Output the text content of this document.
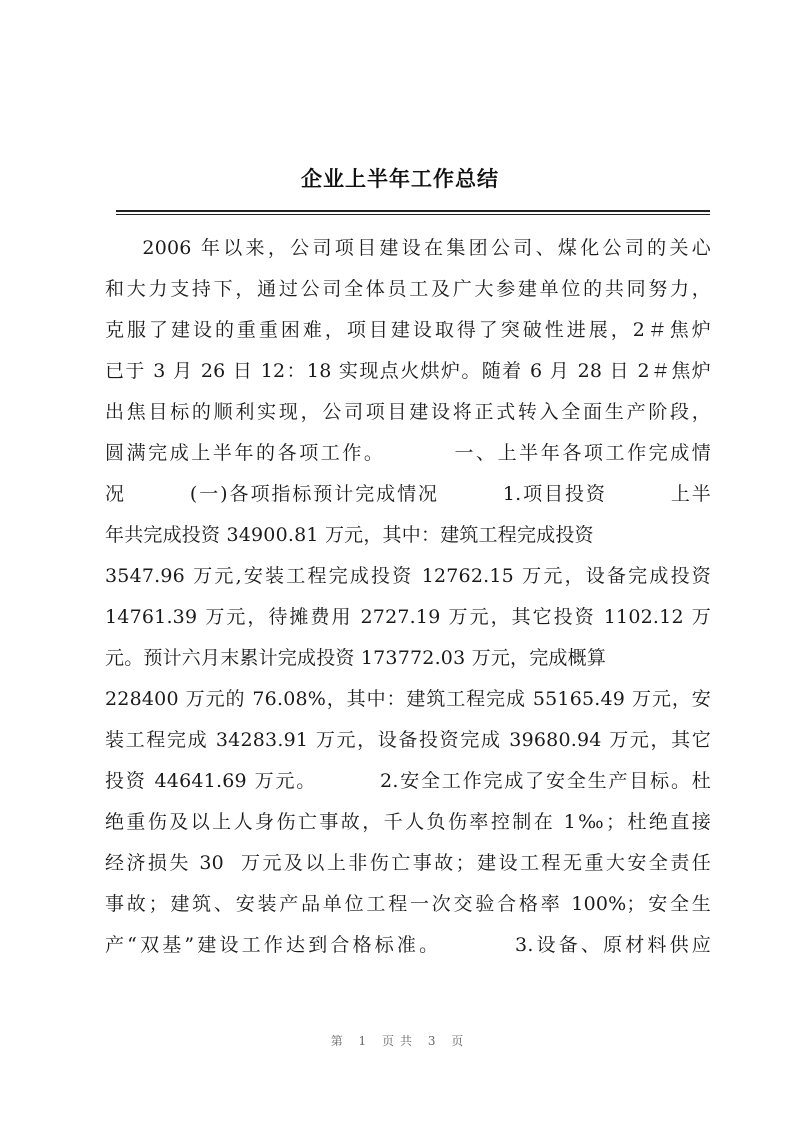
企业上半年工作总结
2006 年以来，公司项目建设在集团公司、煤化公司的关心
和大力支持下，通过公司全体员工及广大参建单位的共同努力，
克服了建设的重重困难，项目建设取得了突破性进展，2＃焦炉
已于 3 月 26 日 12：18 实现点火烘炉。随着 6 月 28 日 2＃焦炉
出焦目标的顺利实现，公司项目建设将正式转入全面生产阶段，
圆满完成上半年的各项工作。        一、上半年各项工作完成情
况        (一)各项指标预计完成情况        1.项目投资        上半
年共完成投资 34900.81 万元，其中：建筑工程完成投资
3547.96 万元,安装工程完成投资 12762.15 万元，设备完成投资
14761.39 万元，待摊费用 2727.19 万元，其它投资 1102.12 万
元。预计六月末累计完成投资 173772.03 万元，完成概算
228400 万元的 76.08%，其中：建筑工程完成 55165.49 万元，安
装工程完成 34283.91 万元，设备投资完成 39680.94 万元，其它
投资 44641.69 万元。        2.安全工作完成了安全生产目标。杜
绝重伤及以上人身伤亡事故，千人负伤率控制在 1‰；杜绝直接
经济损失 30  万元及以上非伤亡事故；建设工程无重大安全责任
事故；建筑、安装产品单位工程一次交验合格率 100%；安全生
产“双基”建设工作达到合格标准。        3.设备、原材料供应
第 1 页共 3 页
